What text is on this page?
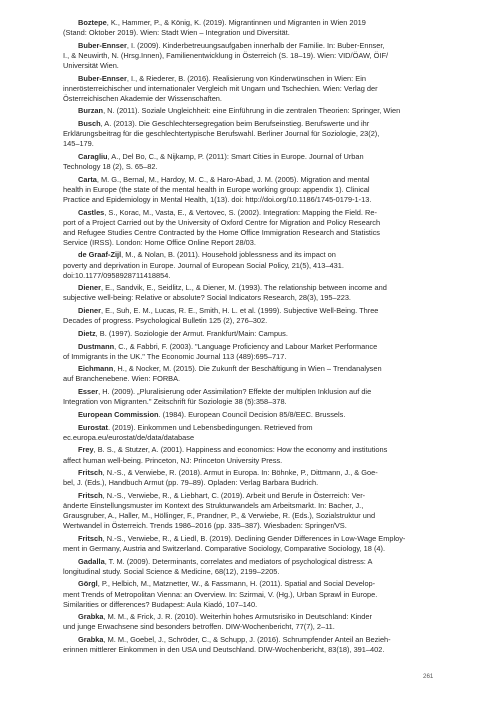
Boztepe, K., Hammer, P., & König, K. (2019). Migrantinnen und Migranten in Wien 2019
(Stand: Oktober 2019). Wien: Stadt Wien – Integration und Diversität.
Buber-Ennser, I. (2009). Kinderbetreuungsaufgaben innerhalb der Familie. In: Buber-Ennser,
I., & Neuwirth, N. (Hrsg.Innen), Familienentwicklung in Österreich (S. 18–19). Wien: VID/ÖAW, ÖIF/
Universität Wien.
Buber-Ennser, I., & Riederer, B. (2016). Realisierung von Kinderwünschen in Wien: Ein
innerösterreichischer und internationaler Vergleich mit Ungarn und Tschechien. Wien: Verlag der
Österreichischen Akademie der Wissenschaften.
Burzan, N. (2011). Soziale Ungleichheit: eine Einführung in die zentralen Theorien: Springer, Wien
Busch, A. (2013). Die Geschlechtersegregation beim Berufseinstieg. Berufswerte und ihr
Erklärungsbeitrag für die geschlechtertypische Berufswahl. Berliner Journal für Soziologie, 23(2),
145–179.
Caragliu, A., Del Bo, C., & Nijkamp, P. (2011): Smart Cities in Europe. Journal of Urban
Technology 18 (2), S. 65–82.
Carta, M. G., Bernal, M., Hardoy, M. C., & Haro-Abad, J. M. (2005). Migration and mental
health in Europe (the state of the mental health in Europe working group: appendix 1). Clinical
Practice and Epidemiology in Mental Health, 1(13). doi: http://doi.org/10.1186/1745-0179-1-13.
Castles, S., Korac, M., Vasta, E., & Vertovec, S. (2002). Integration: Mapping the Field. Re-
port of a Project Carried out by the University of Oxford Centre for Migration and Policy Research
and Refugee Studies Centre Contracted by the Home Office Immigration Research and Statistics
Service (IRSS). London: Home Office Online Report 28/03.
de Graaf-Zijl, M., & Nolan, B. (2011). Household joblessness and its impact on
poverty and deprivation in Europe. Journal of European Social Policy, 21(5), 413–431.
doi:10.1177/0958928711418854.
Diener, E., Sandvik, E., Seidlitz, L., & Diener, M. (1993). The relationship between income and
subjective well-being: Relative or absolute? Social Indicators Research, 28(3), 195–223.
Diener, E., Suh, E. M., Lucas, R. E., Smith, H. L. et al. (1999). Subjective Well-Being. Three
Decades of progress. Psychological Bulletin 125 (2), 276–302.
Dietz, B. (1997). Soziologie der Armut. Frankfurt/Main: Campus.
Dustmann, C., & Fabbri, F. (2003). "Language Proficiency and Labour Market Performance
of Immigrants in the UK." The Economic Journal 113 (489):695–717.
Eichmann, H., & Nocker, M. (2015). Die Zukunft der Beschäftigung in Wien – Trendanalysen
auf Branchenebene. Wien: FORBA.
Esser, H. (2009). „Pluralisierung oder Assimilation? Effekte der multiplen Inklusion auf die
Integration von Migranten." Zeitschrift für Soziologie 38 (5):358–378.
European Commission. (1984). European Council Decision 85/8/EEC. Brussels.
Eurostat. (2019). Einkommen und Lebensbedingungen. Retrieved from
ec.europa.eu/eurostat/de/data/database
Frey, B. S., & Stutzer, A. (2001). Happiness and economics: How the economy and institutions
affect human well-being. Princeton, NJ: Princeton University Press.
Fritsch, N.-S., & Verwiebe, R. (2018). Armut in Europa. In: Böhnke, P., Dittmann, J., & Goe-
bel, J. (Eds.), Handbuch Armut (pp. 79–89). Opladen: Verlag Barbara Budrich.
Fritsch, N.-S., Verwiebe, R., & Liebhart, C. (2019). Arbeit und Berufe in Österreich: Ver-
änderte Einstellungsmuster im Kontext des Strukturwandels am Arbeitsmarkt. In: Bacher, J.,
Grausgruber, A., Haller, M., Höllinger, F., Prandner, P., & Verwiebe, R. (Eds.), Sozialstruktur und
Wertwandel in Österreich. Trends 1986–2016 (pp. 335–387). Wiesbaden: Springer/VS.
Fritsch, N.-S., Verwiebe, R., & Liedl, B. (2019). Declining Gender Differences in Low-Wage Employ-
ment in Germany, Austria and Switzerland. Comparative Sociology, Comparative Sociology, 18 (4).
Gadalla, T. M. (2009). Determinants, correlates and mediators of psychological distress: A
longitudinal study. Social Science & Medicine, 68(12), 2199–2205.
Görgl, P., Helbich, M., Matznetter, W., & Fassmann, H. (2011). Spatial and Social Develop-
ment Trends of Metropolitan Vienna: an Overview. In: Szirmai, V. (Hg.), Urban Sprawl in Europe.
Similarities or differences? Budapest: Aula Kiadó, 107–140.
Grabka, M. M., & Frick, J. R. (2010). Weiterhin hohes Armutsrisiko in Deutschland: Kinder
und junge Erwachsene sind besonders betroffen. DIW-Wochenbericht, 77(7), 2–11.
Grabka, M. M., Goebel, J., Schröder, C., & Schupp, J. (2016). Schrumpfender Anteil an Bezieh-
erinnen mittlerer Einkommen in den USA und Deutschland. DIW-Wochenbericht, 83(18), 391–402.
261
